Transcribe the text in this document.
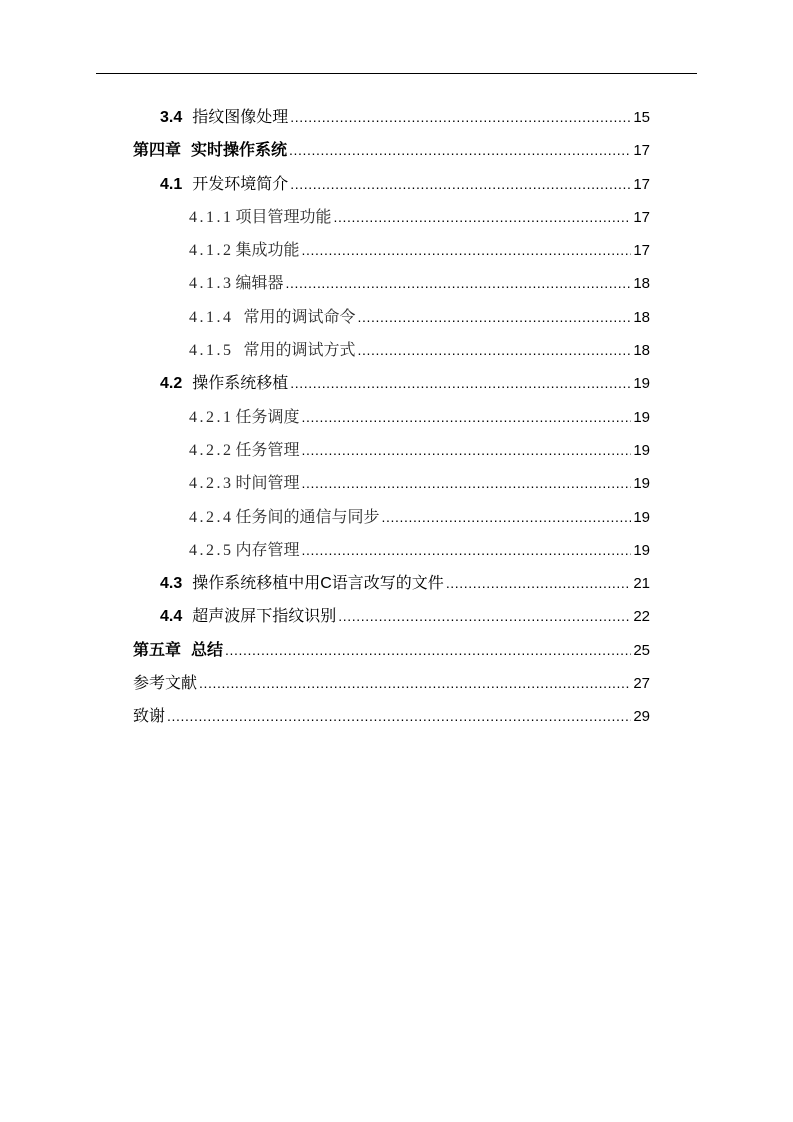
3.4 指纹图像处理 .....	15
第四章 实时操作系统 .....	17
4.1 开发环境简介 .....	17
4.1.1 项目管理功能 .....	17
4.1.2 集成功能 .....	17
4.1.3 编辑器 .....	18
4.1.4 常用的调试命令 .....	18
4.1.5 常用的调试方式 .....	18
4.2 操作系统移植 .....	19
4.2.1 任务调度 .....	19
4.2.2 任务管理 .....	19
4.2.3 时间管理 .....	19
4.2.4 任务间的通信与同步 .....	19
4.2.5 内存管理 .....	19
4.3 操作系统移植中用C语言改写的文件 .....	21
4.4 超声波屏下指纹识别 .....	22
第五章 总结 .....	25
参考文献 .....	27
致谢 .....	29
